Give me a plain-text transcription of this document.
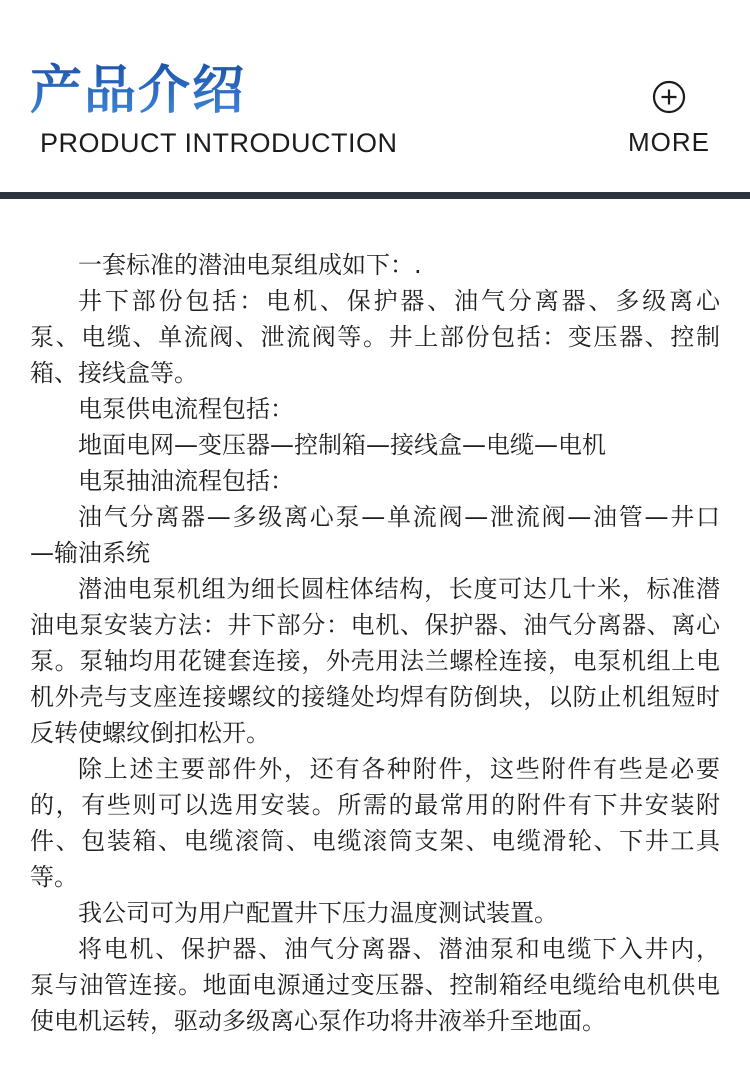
产品介绍
PRODUCT INTRODUCTION	MORE
一套标准的潜油电泵组成如下：.
井下部份包括：电机、保护器、油气分离器、多级离心
泵、电缆、单流阀、泄流阀等。井上部份包括：变压器、控制
箱、接线盒等。
电泵供电流程包括：
地面电网—变压器—控制箱—接线盒—电缆—电机
电泵抽油流程包括：
油气分离器—多级离心泵—单流阀—泄流阀—油管—井口
—输油系统
潜油电泵机组为细长圆柱体结构，长度可达几十米，标准潜
油电泵安装方法：井下部分：电机、保护器、油气分离器、离心
泵。泵轴均用花键套连接，外壳用法兰螺栓连接，电泵机组上电
机外壳与支座连接螺纹的接缝处均焊有防倒块，以防止机组短时
反转使螺纹倒扣松开。
除上述主要部件外，还有各种附件，这些附件有些是必要
的，有些则可以选用安装。所需的最常用的附件有下井安装附
件、包装箱、电缆滚筒、电缆滚筒支架、电缆滑轮、下井工具
等。
我公司可为用户配置井下压力温度测试装置。
将电机、保护器、油气分离器、潜油泵和电缆下入井内，
泵与油管连接。地面电源通过变压器、控制箱经电缆给电机供电
使电机运转，驱动多级离心泵作功将井液举升至地面。
